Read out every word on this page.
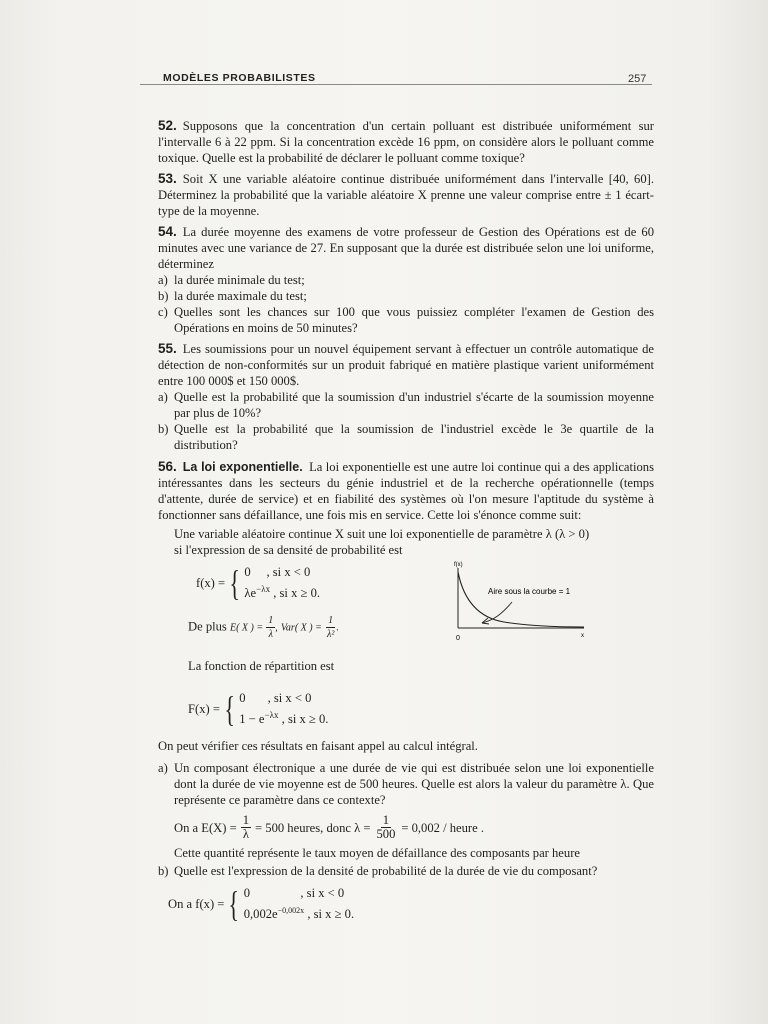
MODÈLES PROBABILISTES	257

52. Supposons que la concentration d'un certain polluant est distribuée uniformément sur l'intervalle 6 à 22 ppm. Si la concentration excède 16 ppm, on considère alors le polluant comme toxique. Quelle est la probabilité de déclarer le polluant comme toxique?

53. Soit X une variable aléatoire continue distribuée uniformément dans l'intervalle [40, 60]. Déterminez la probabilité que la variable aléatoire X prenne une valeur comprise entre ± 1 écart-type de la moyenne.

54. La durée moyenne des examens de votre professeur de Gestion des Opérations est de 60 minutes avec une variance de 27. En supposant que la durée est distribuée selon une loi uniforme, déterminez

a) la durée minimale du test;
b) la durée maximale du test;
c) Quelles sont les chances sur 100 que vous puissiez compléter l'examen de Gestion des Opérations en moins de 50 minutes?

55. Les soumissions pour un nouvel équipement servant à effectuer un contrôle automatique de détection de non-conformités sur un produit fabriqué en matière plastique varient uniformément entre 100 000$ et 150 000$.

a) Quelle est la probabilité que la soumission d'un industriel s'écarte de la soumission moyenne par plus de 10%?
b) Quelle est la probabilité que la soumission de l'industriel excède le 3e quartile de la distribution?

56. La loi exponentielle. La loi exponentielle est une autre loi continue qui a des applications intéressantes dans les secteurs du génie industriel et de la recherche opérationnelle (temps d'attente, durée de service) et en fiabilité des systèmes où l'on mesure l'aptitude du système à fonctionner sans défaillance, une fois mis en service. Cette loi s'énonce comme suit:

Une variable aléatoire continue X suit une loi exponentielle de paramètre λ (λ > 0)
si l'expression de sa densité de probabilité est
f(x) = { 0 , si x < 0
$\lambda e^{-\lambda x}$ , si x ≥ 0.
De plus E( X ) = $\frac{1}{\lambda}$ , Var( X ) = $\frac{1}{\text{λ²}}$ .
f(x)
Aire sous la courbe = 1
0	x
La fonction de répartition est
F(x) = { 0 , si x < 0
$1 - e^{-\lambda x}$ , si x ≥ 0.

On peut vérifier ces résultats en faisant appel au calcul intégral.

a) Un composant électronique a une durée de vie qui est distribuée selon une loi exponentielle dont la durée de vie moyenne est de 500 heures. Quelle est alors la valeur du paramètre λ. Que représente ce paramètre dans ce contexte?
On a $E(X) = \frac{1}{\lambda} = 500$ heures, donc $\lambda = \frac{1}{500} = 0,002$ / heure .

Cette quantité représente le taux moyen de défaillance des composants par heure

b) Quelle est l'expression de la densité de probabilité de la durée de vie du composant?
On a f(x) = { 0	, si x < 0
$0,002e^{-0,002x}$ , si x ≥ 0.
